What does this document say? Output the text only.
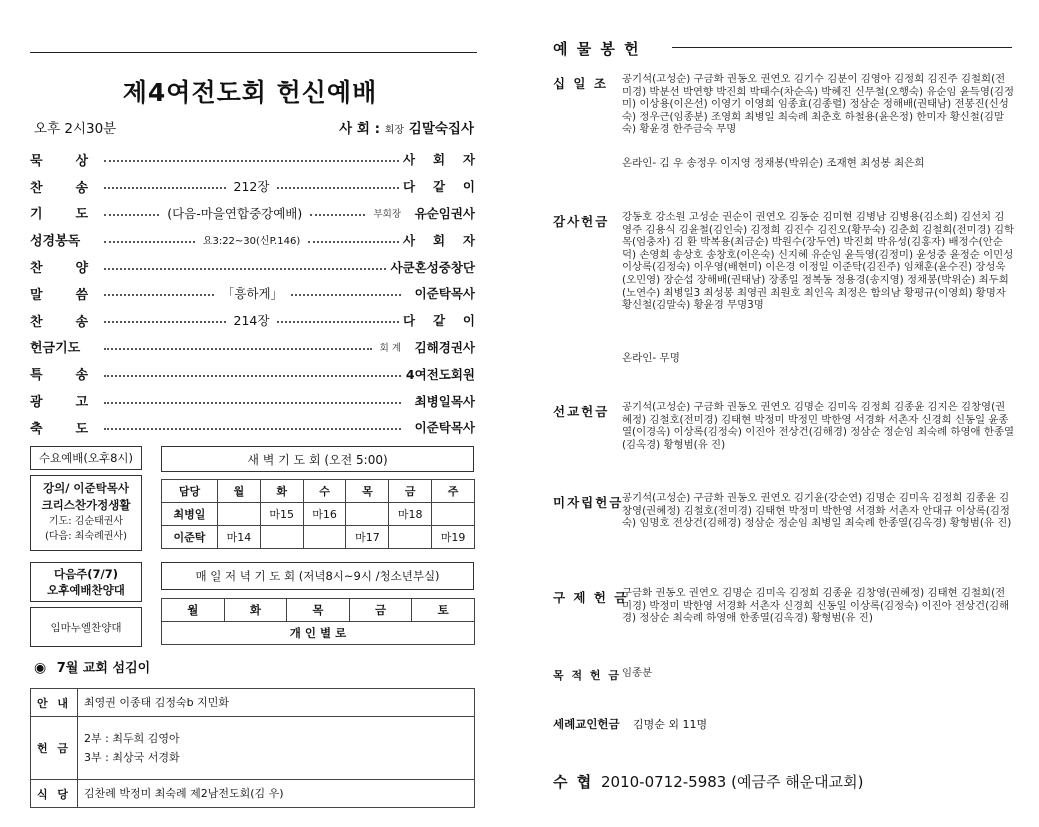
제4여전도회 헌신예배
오후 2시30분	사 회 : 회장 김말숙집사
묵	상	사 회 자
찬	송	212장	다 같 이
기	도	(다음-마을연합중강예배)	부회장	유순임권사
성경봉독	요3:22~30(신P.146)	사 회 자
찬	양	사쿤혼성중창단
말	씀	「흥하게」	이준탁목사
찬	송	214장	다 같 이
헌금기도	회 계	김해경권사
특	송	4여전도회원
광	고	최병일목사
축	도	이준탁목사
수요예배(오후8시)
강의/ 이준탁목사
크리스찬가정생활
기도: 김순태권사
(다음: 최숙례권사)
새 벽 기 도 회 (오전 5:00)
담당	월	화	수	목	금	주
최병일		마15	마16		마18	
이준탁	마14			마17		마19
다음주(7/7)
오후예배찬양대
임마누엘찬양대
매 일 저 녁 기 도 회 (저녁8시~9시 /청소년부실)
월	화	목	금	토
개 인 별 로
◉ 7월 교회 섬김이
안 내	최영권 이종태 김정숙b 지민화

헌 금	2부 : 최두희 김영아
3부 : 최상국 서경화

식 당	김찬례 박정미 최숙례 제2남전도회(김 우)
예 물 봉 헌
십 일 조 공기석(고성순) 구금화 권동오 권연오 김기수 김분이 김영아 김정희 김진주 김철희(전미경) 박분선 박연향 박진희 박태수(차순옥) 박혜진 신무철(오행숙) 유순임 윤득영(김정미) 이상용(이은선) 이영기 이영희 임종효(김종렬) 정삼순 정해배(권태남) 전봉진(신성숙) 정우근(임종분) 조영희 최병일 최숙례 최춘호 하철용(윤은정) 한미자 황신철(김말숙) 황윤경 한주금숙 무명
온라인- 김 우 송정우 이지영 정채봉(박위순) 조재현 최성봉 최은희
감사헌금 강동호 강소원 고성순 권순이 권연오 김동순 김미현 김병남 김병용(김소희) 김선치 김영주 김용식 김윤철(김인숙) 김정희 김진수 김진오(황무숙) 김춘희 김철희(전미경) 김학목(엄충자) 김 환 박복용(최금순) 박원수(장두연) 박진희 박유성(김홍자) 배정수(안순덕) 손영희 송상호 송창호(이은숙) 신지혜 유순임 윤득영(김정미) 윤성중 윤정순 이민성 이상록(김정숙) 이우영(배현미) 이은경 이정일 이준탁(김진주) 임채훈(윤수진) 장성욱(오민영) 장순섭 장해배(권태남) 장종일 정복동 정용경(송지영) 정채봉(박위순) 최두희(노연수) 최병일3 최성봉 최영권 최원호 최인옥 최정은 함의남 황평규(이영희) 황명자 황신철(김말숙) 황윤경 무명3명
온라인- 무명
선교헌금 공기석(고성순) 구금화 권동오 권연오 김명순 김미옥 김정희 김종윤 김지은 김창영(권혜정) 김철호(전미경) 김태현 박정미 박정민 박한영 서경화 서촌자 신경희 신동일 윤종열(이경옥) 이상록(김정숙) 이진아 전상건(김해경) 정삼순 정순임 최숙례 하영애 한종열(김옥경) 황형범(유 진)
미자립헌금
공기석(고성순) 구금화 권동오 권연오 김기윤(강순연) 김명순 김미옥 김정희 김종윤 김창영(권혜정) 김철호(전미경) 김태현 박정미 박한영 서경화 서촌자 안대규 이상록(김정숙) 임명호 전상건(김해경) 정삼순 정순임 최병일 최숙례 한종열(김옥경) 황형범(유 진)
구 제 헌 금
구금화 권동오 권연오 김명순 김미옥 김정희 김종윤 김창영(권혜정) 김태현 김철희(전미경) 박정미 박한영 서경화 서촌자 신경희 신동일 이상록(김정숙) 이진아 전상건(김해경) 정삼순 최숙례 하영애 한종열(김옥경) 황형범(유 진)
목 적 헌 금 임종분
세례교인헌금 김명순 외 11명
수 협 2010-0712-5983 (예금주 해운대교회)
